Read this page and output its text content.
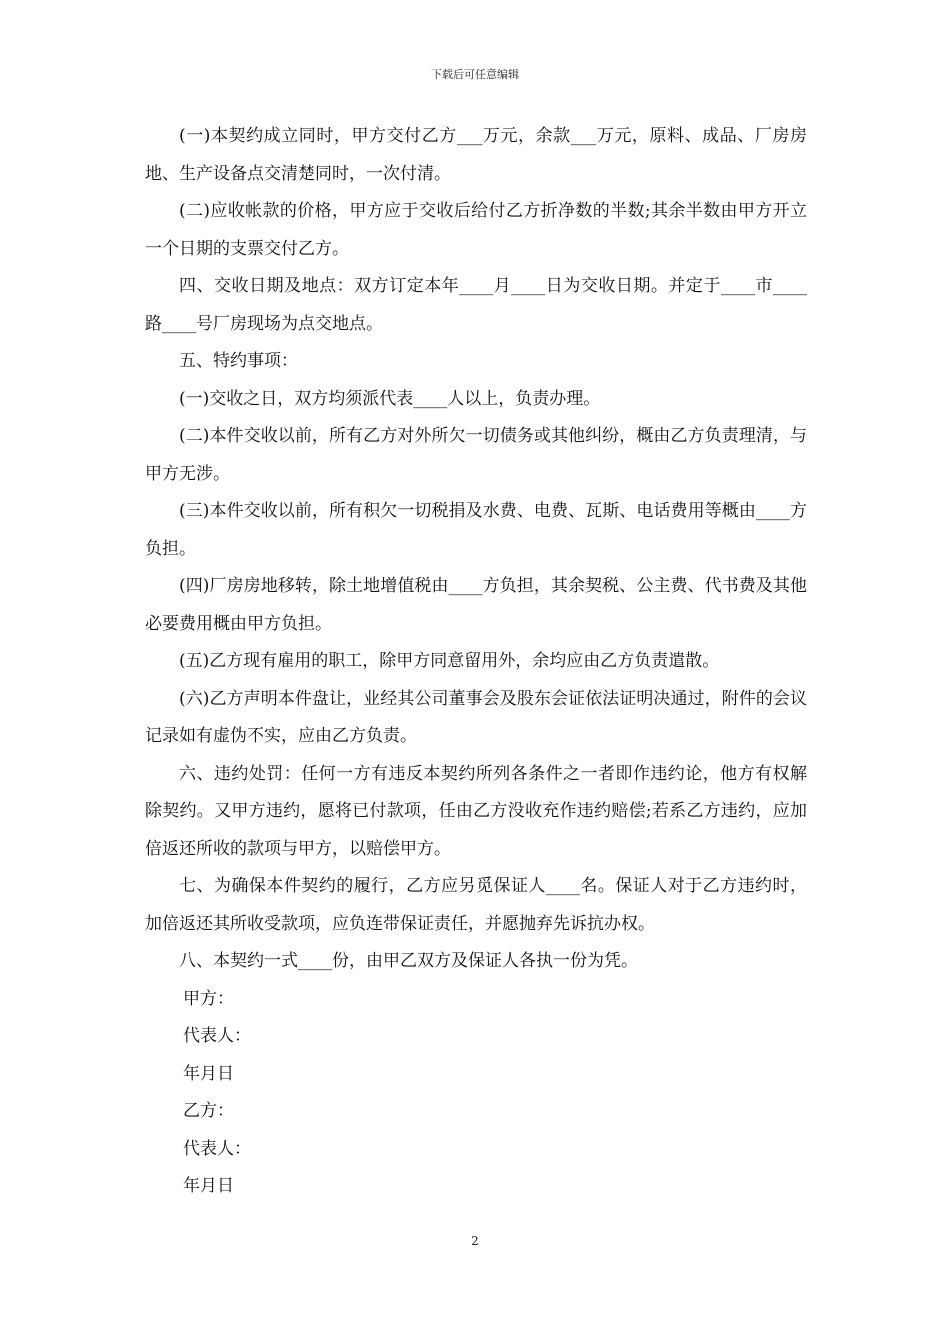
下载后可任意编辑

(一)本契约成立同时，甲方交付乙方___万元，余款___万元，原料、成品、厂房房地、生产设备点交清楚同时，一次付清。

(二)应收帐款的价格，甲方应于交收后给付乙方折净数的半数;其余半数由甲方开立一个日期的支票交付乙方。

四、交收日期及地点：双方订定本年____月____日为交收日期。并定于____市____路____号厂房现场为点交地点。

五、特约事项：

(一)交收之日，双方均须派代表____人以上，负责办理。

(二)本件交收以前，所有乙方对外所欠一切债务或其他纠纷，概由乙方负责理清，与甲方无涉。

(三)本件交收以前，所有积欠一切税捐及水费、电费、瓦斯、电话费用等概由____方负担。

(四)厂房房地移转，除土地增值税由____方负担，其余契税、公主费、代书费及其他必要费用概由甲方负担。

(五)乙方现有雇用的职工，除甲方同意留用外，余均应由乙方负责遣散。

(六)乙方声明本件盘让，业经其公司董事会及股东会证依法证明决通过，附件的会议记录如有虚伪不实，应由乙方负责。

六、违约处罚：任何一方有违反本契约所列各条件之一者即作违约论，他方有权解除契约。又甲方违约，愿将已付款项，任由乙方没收充作违约赔偿;若系乙方违约，应加倍返还所收的款项与甲方，以赔偿甲方。

七、为确保本件契约的履行，乙方应另觅保证人____名。保证人对于乙方违约时，加倍返还其所收受款项，应负连带保证责任，并愿抛弃先诉抗办权。

八、本契约一式____份，由甲乙双方及保证人各执一份为凭。

甲方：

代表人：

年月日

乙方：

代表人：

年月日

2
